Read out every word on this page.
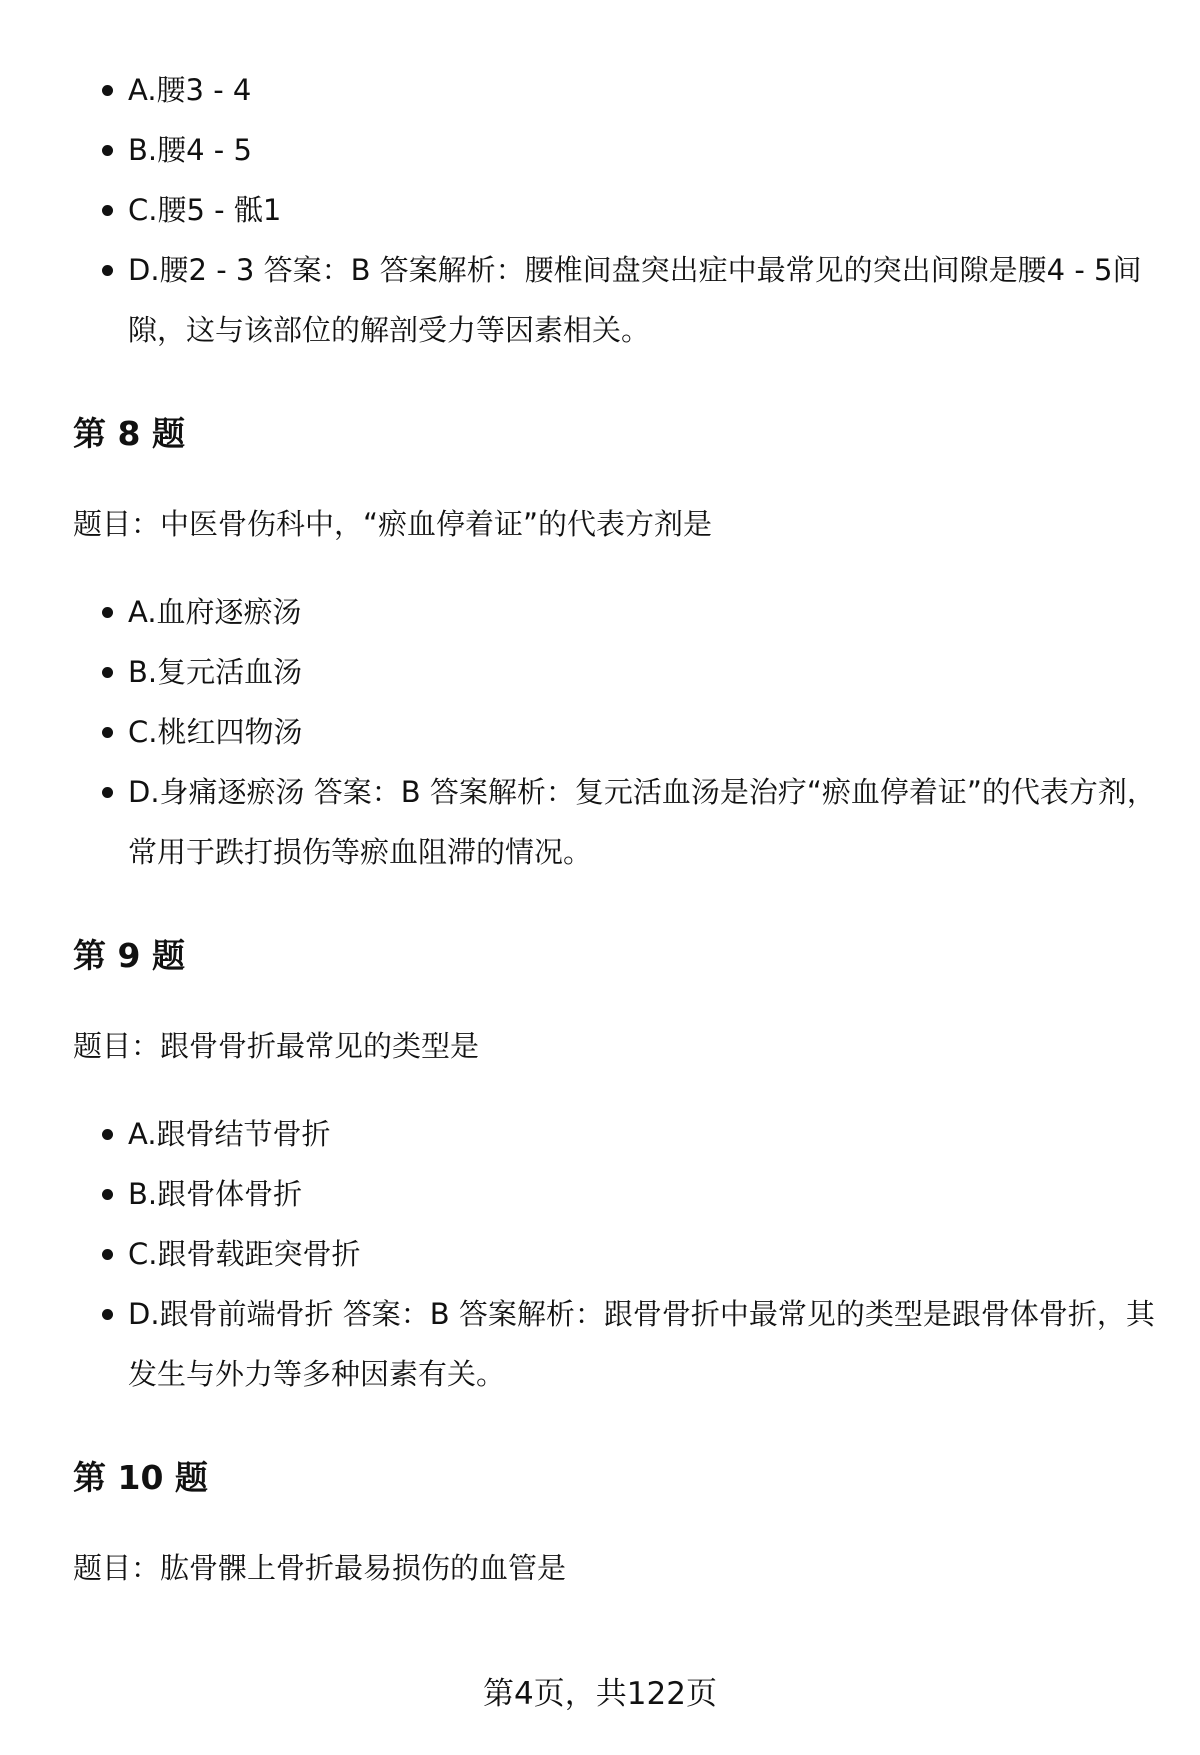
A.腰3 - 4
B.腰4 - 5
C.腰5 - 骶1
D.腰2 - 3 答案：B 答案解析：腰椎间盘突出症中最常见的突出间隙是腰4 - 5间隙，这与该部位的解剖受力等因素相关。
第 8 题

题目：中医骨伤科中，“瘀血停着证”的代表方剂是

A.血府逐瘀汤
B.复元活血汤
C.桃红四物汤
D.身痛逐瘀汤 答案：B 答案解析：复元活血汤是治疗“瘀血停着证”的代表方剂，常用于跌打损伤等瘀血阻滞的情况。
第 9 题

题目：跟骨骨折最常见的类型是

A.跟骨结节骨折
B.跟骨体骨折
C.跟骨载距突骨折
D.跟骨前端骨折 答案：B 答案解析：跟骨骨折中最常见的类型是跟骨体骨折，其发生与外力等多种因素有关。
第 10 题

题目：肱骨髁上骨折最易损伤的血管是

第4页，共122页
